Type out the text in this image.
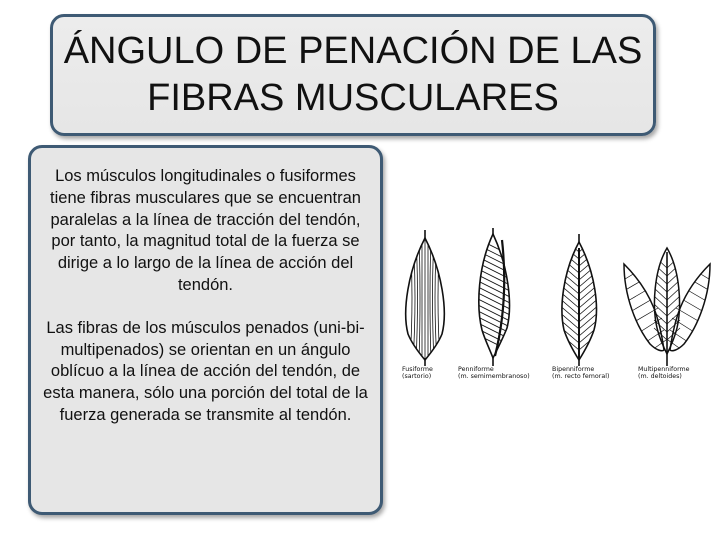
ÁNGULO DE PENACIÓN DE LAS
FIBRAS MUSCULARES

Los músculos longitudinales o fusiformes tiene fibras musculares que se encuentran paralelas a la línea de tracción del tendón, por tanto, la magnitud total de la fuerza se dirige a lo largo de la línea de acción del tendón.

Las fibras de los músculos penados (uni-bi-multipenados) se orientan en un ángulo oblícuo a la línea de acción del tendón, de esta manera, sólo una porción del total de la fuerza generada se transmite al tendón.

Fusiforme
(sartorio)
Penniforme
(m. semimembranoso)
Bipenniforme
(m. recto femoral)
Multipenniforme
(m. deltoides)
